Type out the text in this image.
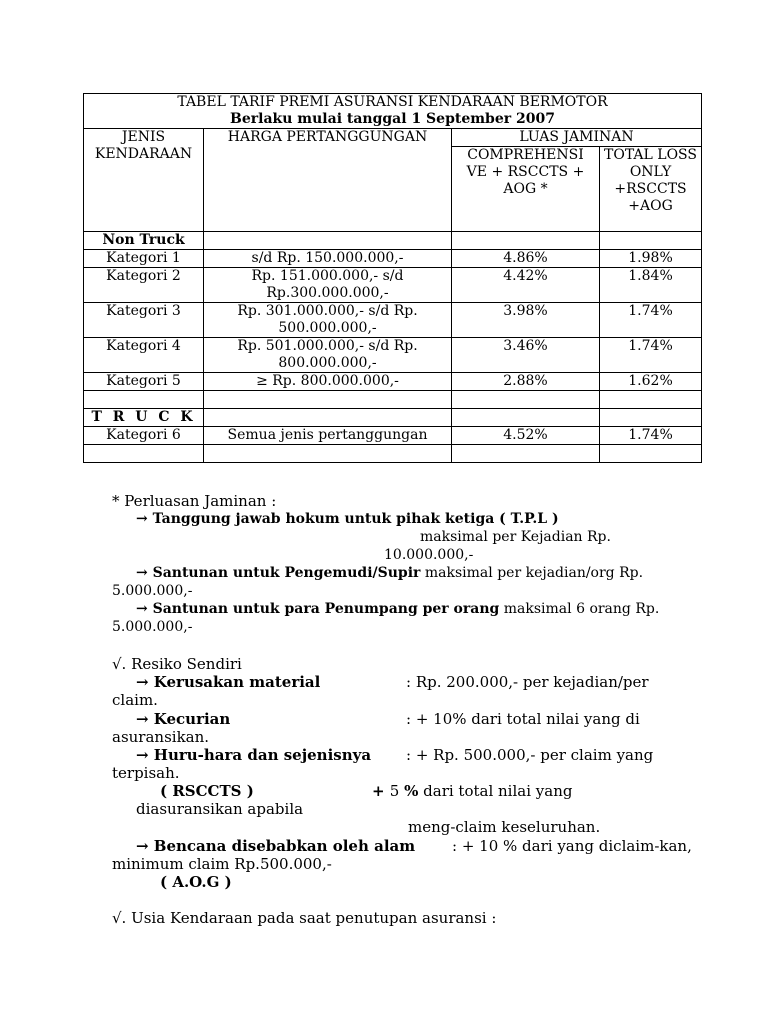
TABEL TARIF PREMI ASURANSI KENDARAAN BERMOTOR
Berlaku mulai tanggal 1 September 2007			

JENIS KENDARAAN	HARGA PERTANGGUNGAN	LUAS JAMINAN	
		COMPREHENSI VE + RSCCTS + AOG *	TOTAL LOSS ONLY +RSCCTS +AOG
Non Truck			
Kategori 1	s/d Rp. 150.000.000,-	4.86%	1.98%
Kategori 2	Rp. 151.000.000,- s/d Rp.300.000.000,-	4.42%	1.84%
Kategori 3	Rp. 301.000.000,- s/d Rp. 500.000.000,-	3.98%	1.74%
Kategori 4	Rp. 501.000.000,- s/d Rp. 800.000.000,-	3.46%	1.74%
Kategori 5	≥ Rp. 800.000.000,-	2.88%	1.62%

T R U C K			
Kategori 6	Semua jenis pertanggungan	4.52%	1.74%

* Perluasan Jaminan :
→ Tanggung jawab hokum untuk pihak ketiga ( T.P.L )
maksimal per Kejadian Rp.
10.000.000,-
→ Santunan untuk Pengemudi/Supir maksimal per kejadian/org Rp.
5.000.000,-
→ Santunan untuk para Penumpang per orang maksimal 6 orang Rp.
5.000.000,-
√. Resiko Sendiri
→ Kerusakan material	: Rp. 200.000,- per kejadian/per
claim.
→ Kecurian	: + 10% dari total nilai yang di
asuransikan.
→ Huru-hara dan sejenisnya : + Rp. 500.000,- per claim yang
terpisah.
( RSCCTS )	+ 5 % dari total nilai yang
diasuransikan apabila
meng-claim keseluruhan.
→ Bencana disebabkan oleh alam : + 10 % dari yang diclaim-kan,
minimum claim Rp.500.000,-
( A.O.G )
√. Usia Kendaraan pada saat penutupan asuransi :
